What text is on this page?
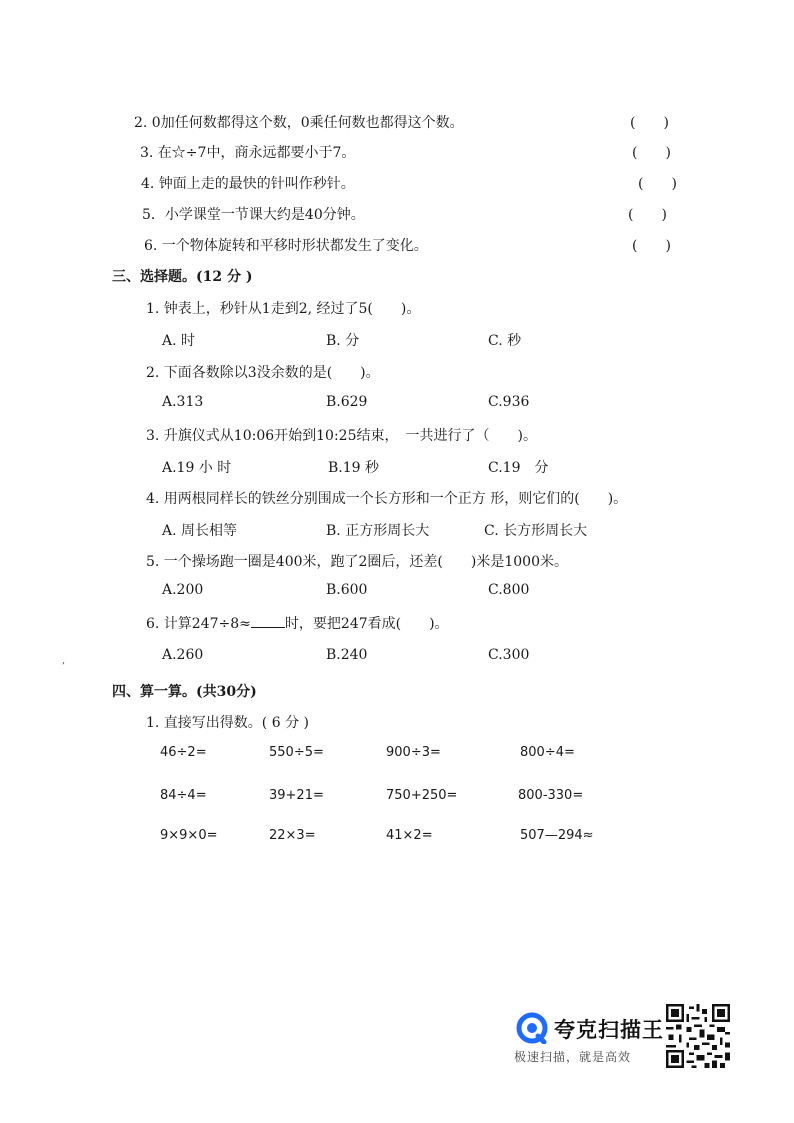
2. 0加任何数都得这个数，0乘任何数也都得这个数。	(　　)
3. 在☆÷7中，商永远都要小于7。	(　　)
4. 钟面上走的最快的针叫作秒针。	(　　)
5．小学课堂一节课大约是40分钟。	(　　)
6. 一个物体旋转和平移时形状都发生了变化。	(　　)
三、选择题。(12 分 )
1. 钟表上，秒针从1走到2, 经过了5(　　)。
A. 时	B. 分	C. 秒
2. 下面各数除以3没余数的是(　　)。
A.313	B.629	C.936
3. 升旗仪式从10:06开始到10:25结束，　一共进行了（　　)。
A.19 小 时	B.19 秒	C.19　分
4. 用两根同样长的铁丝分别围成一个长方形和一个正方 形，则它们的(　　)。
A. 周长相等	B. 正方形周长大	C. 长方形周长大
5. 一个操场跑一圈是400米，跑了2圈后，还差(　　)米是1000米。
A.200	B.600	C.800
6. 计算247÷8≈ 时，要把247看成(　　)。
A.260	B.240	C.300
,
四、算一算。(共30分)
1. 直接写出得数。( 6 分 )
46÷2=	550÷5=	900÷3=	800÷4=
84÷4=	39+21=	750+250=	800-330=
9×9×0=	22×3=	41×2=	507—294≈
夸克扫描王
极速扫描，就是高效
